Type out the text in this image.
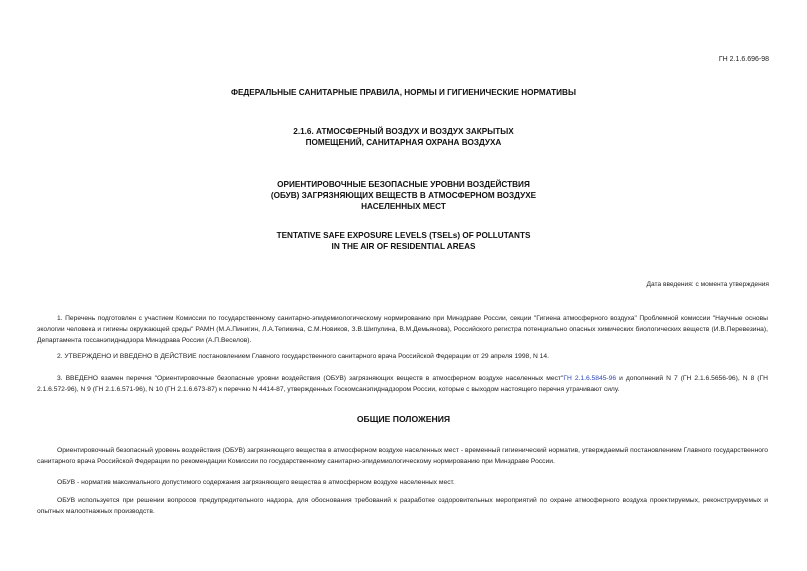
ГН 2.1.6.696-98
ФЕДЕРАЛЬНЫЕ САНИТАРНЫЕ ПРАВИЛА, НОРМЫ И ГИГИЕНИЧЕСКИЕ НОРМАТИВЫ
2.1.6. АТМОСФЕРНЫЙ ВОЗДУХ И ВОЗДУХ ЗАКРЫТЫХ
ПОМЕЩЕНИЙ, САНИТАРНАЯ ОХРАНА ВОЗДУХА
ОРИЕНТИРОВОЧНЫЕ БЕЗОПАСНЫЕ УРОВНИ ВОЗДЕЙСТВИЯ
(ОБУВ) ЗАГРЯЗНЯЮЩИХ ВЕЩЕСТВ В АТМОСФЕРНОМ ВОЗДУХЕ
НАСЕЛЕННЫХ МЕСТ
TENTATIVE SAFE EXPOSURE LEVELS (TSELs) OF POLLUTANTS
IN THE AIR OF RESIDENTIAL AREAS
Дата введения: с момента утверждения
1. Перечень подготовлен с участием Комиссии по государственному санитарно-эпидемиологическому нормированию при Минздраве России, секции "Гигиена атмосферного воздуха" Проблемной комиссии "Научные основы экологии человека и гигиены окружающей среды" РАМН (М.А.Пинигин, Л.А.Тепикина, С.М.Новиков, З.В.Шипулина, В.М.Демьянова), Российского регистра потенциально опасных химических биологических веществ (И.В.Перевезина), Департамента госсанэпиднадзора Минздрава России (А.П.Веселов).
2. УТВЕРЖДЕНО И ВВЕДЕНО В ДЕЙСТВИЕ постановлением Главного государственного санитарного врача Российской Федерации от 29 апреля 1998, N 14.
3. ВВЕДЕНО взамен перечня "Ориентировочные безопасные уровни воздействия (ОБУВ) загрязняющих веществ в атмосферном воздухе населенных мест"ГН 2.1.6.5845-96 и дополнений N 7 (ГН 2.1.6.5656-96), N 8 (ГН 2.1.6.572-96), N 9 (ГН 2.1.6.571-96), N 10 (ГН 2.1.6.673-87) к перечню N 4414-87, утвержденных Госкомсанэпиднадзором России, которые с выходом настоящего перечня утрачивают силу.
ОБЩИЕ ПОЛОЖЕНИЯ
Ориентировочный безопасный уровень воздействия (ОБУВ) загрязняющего вещества в атмосферном воздухе населенных мест - временный гигиенический норматив, утверждаемый постановлением Главного государственного санитарного врача Российской Федерации по рекомендации Комиссии по государственному санитарно-эпидемиологическому нормированию при Минздраве России.
ОБУВ - норматив максимального допустимого содержания загрязняющего вещества в атмосферном воздухе населенных мест.
ОБУВ используется при решении вопросов предупредительного надзора, для обоснования требований к разработке оздоровительных мероприятий по охране атмосферного воздуха проектируемых, реконструируемых и опытных малоотнажных производств.
